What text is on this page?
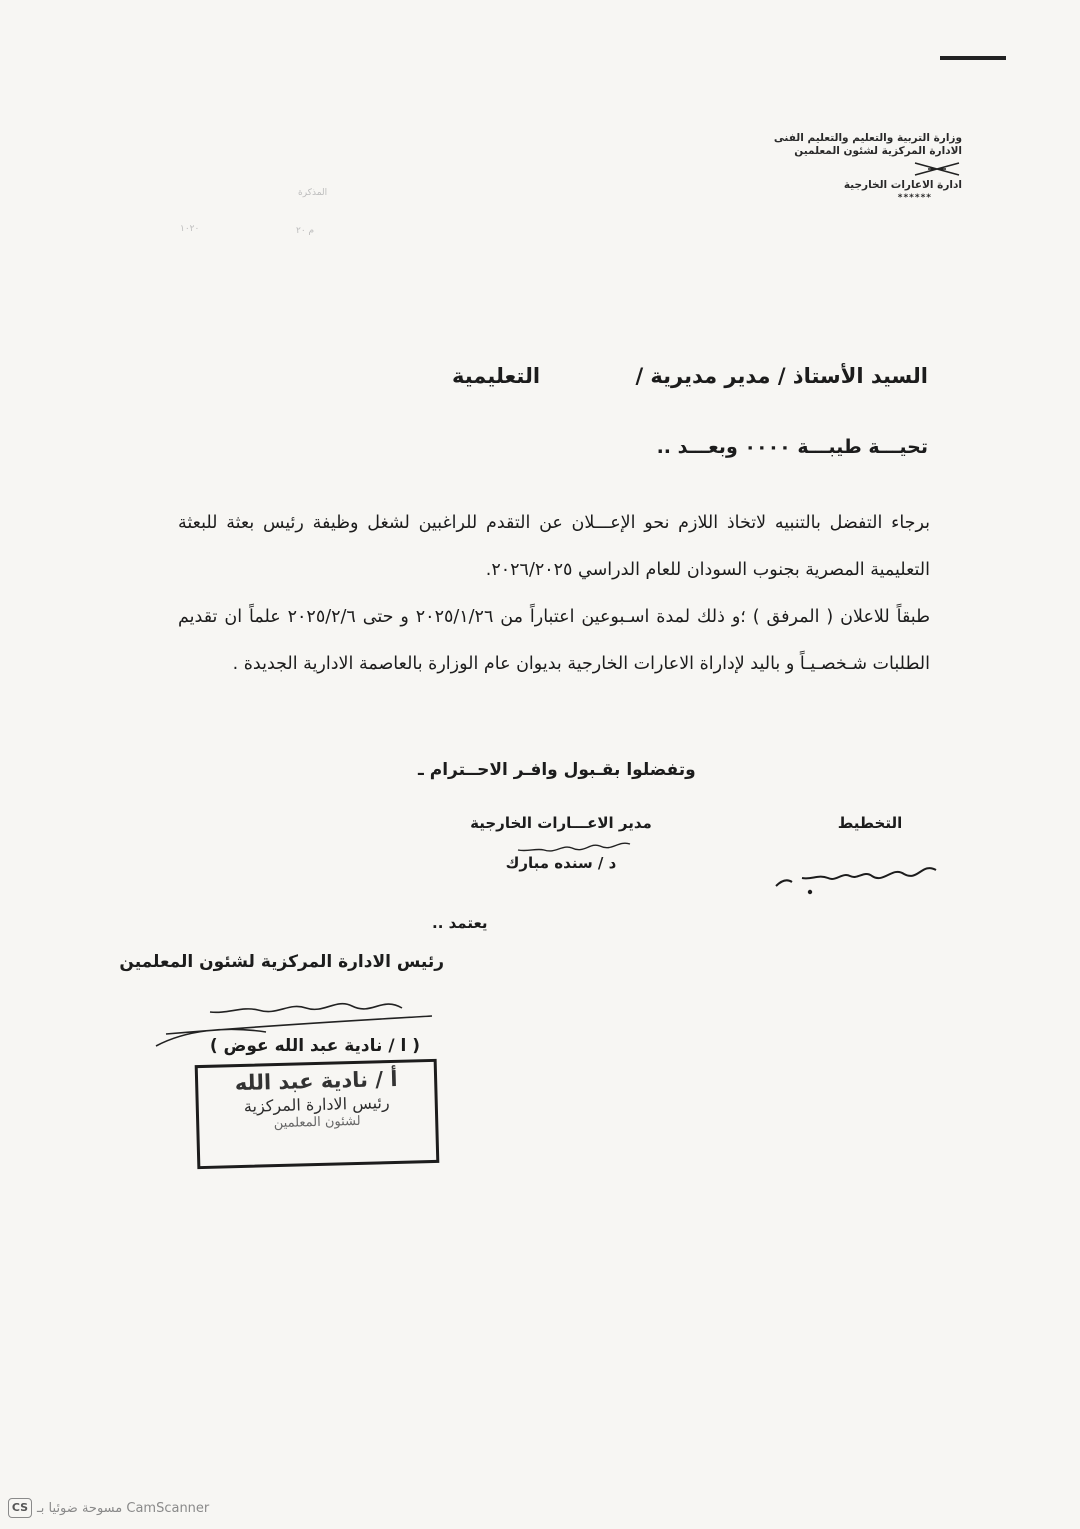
وزارة التربية والتعليم والتعليم الفنى
الادارة المركزية لشئون المعلمين
ادارة الاعارات الخارجية
******
المذكرة
۱۰۲۰	۲۰ م
السيد الأستاذ / مدير مديرية /
التعليمية
تحيـــة طيبـــة ٠٠٠٠ وبعـــد ..

برجاء التفضل بالتنبيه لاتخاذ اللازم نحو الإعـــلان عن التقدم للراغبين لشغل وظيفة رئيس بعثة للبعثة التعليمية المصرية بجنوب السودان للعام الدراسي ٢٠٢٦/٢٠٢٥.

طبقاً للاعلان ( المرفق ) ؛و ذلك لمدة اسـبوعين اعتباراً من ٢٠٢٥/١/٢٦ و حتى ٢٠٢٥/٢/٦ علماً ان تقديم الطلبات شـخصـيـاً و باليد لإداراة الاعارات الخارجية بديوان عام الوزارة بالعاصمة الادارية الجديدة .

وتفضلوا بقـبول وافـر الاحــترام ـ
التخطيط
مدير الاعـــارات الخارجية
د / سنده مبارك
يعتمد ..
رئيس الادارة المركزية لشئون المعلمين
( ا / نادية عبد الله عوض )
أ / نادية عبد الله
رئيس الادارة المركزية
لشئون المعلمين
CS CamScanner مسوحة ضوئيا بـ
